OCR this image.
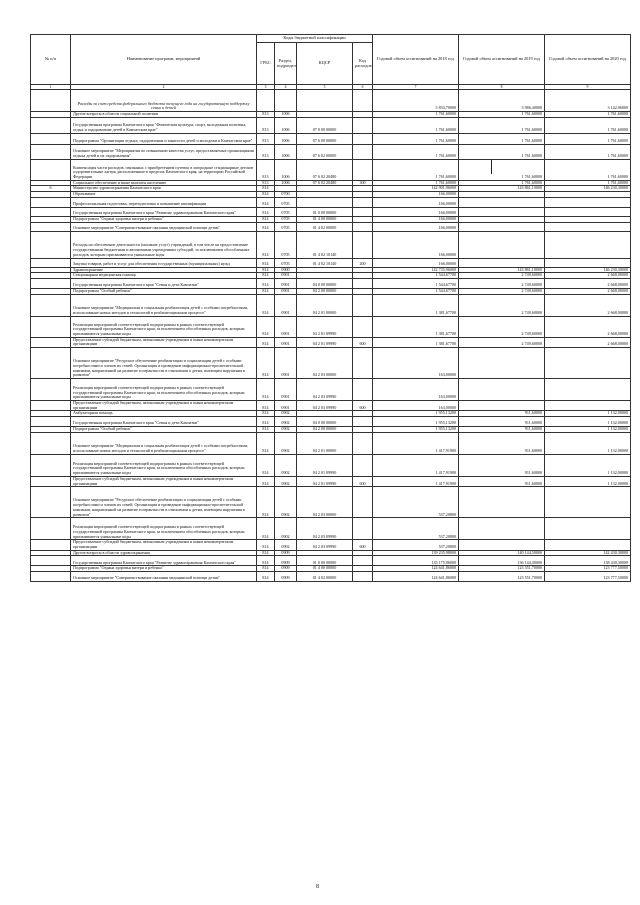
№ п/п	Наименование программ, мероприятий	Коды бюджетной классификации				Годовой объем ассигнований на 2018 год	Годовой объем ассигнований на 2019 год	Годовой объем ассигнований на 2020 год
		ГРБС	Раздел, подраздел	КЦСР	Код расходов			
1	2	3	4	5	6	7	8	9
	Расходы за счет средств федерального бюджета текущего года на государственную поддержку семьи и детей					5 833,70000	3 986,40000	3 142,96000
	Другие вопросы в области социальной политики	813	1006			1 761,60000	1 761,60000	1 761,60000
	Государственная программа Камчатского края "Физическая культура, спорт, молодежная политика, отдых и оздоровление детей в Камчатском крае"	813	1006	07 0 00 00000		1 761,60000	1 761,60000	1 761,60000
	Подпрограмма "Организация отдыха, оздоровления и занятости детей и молодежи в Камчатском крае"	813	1006	07 6 00 00000		1 761,60000	1 761,60000	1 761,60000
	Основное мероприятие "Мероприятия по повышению качества услуг, предоставляемых организациями отдыха детей и их оздоровления"	813	1006	07 6 02 00000		1 761,60000	1 761,60000	1 761,60000
	Компенсация части расходов, связанных с приобретением путевок в загородные стационарные детские оздоровительные лагеря, расположенные в пределах Камчатского края, на территории Российской Федерации	813	1006	07 6 02 20480		1 761,60000	1 761,60000	1 761,60000
	Социальное обеспечение и иные выплаты населению	813	1006	07 6 02 20480	300	1 761,60000	1 761,60000	1 761,60000
6	Министерство здравоохранения Камчатского края	814				142 901,96000	143 861,10000	146 230,30000
	Образование	814	0700			166,00000		
	Профессиональная подготовка, переподготовка и повышение квалификации	814	0705			166,00000		
	Государственная программа Камчатского края "Развитие здравоохранения Камчатского края"	814	0705	01 0 00 00000		166,00000		
	Подпрограмма "Охрана здоровья матери и ребенка"	814	0705	01 4 00 00000		166,00000		
	Основное мероприятие "Совершенствование оказания медицинской помощи детям"	814	0705	01 4 02 00000		166,00000		
	Расходы на обеспечение деятельности (оказание услуг) учреждений, в том числе на предоставление государственным бюджетным и автономным учреждениям субсидий, за исключением обособленных расходов, которым присваиваются уникальные коды	814	0705	01 4 02 10140		166,00000		
	Закупка товаров, работ и услуг для обеспечения государственных (муниципальных) нужд	814	0705	01 4 02 10140	200	166,00000		
	Здравоохранение	814	0900			142 735,96000	143 861,10000	146 230,30000
	Стационарная медицинская помощь	814	0901			1 544,67700	2 749,60000	2 668,00000
	Государственная программа Камчатского края "Семья и дети Камчатки"	814	0901	04 0 00 00000		1 544,67700	2 749,60000	2 668,00000
	Подпрограмма "Особый ребенок"	814	0901	04 2 00 00000		1 544,67700	2 749,60000	2 668,00000
	Основное мероприятие "Медицинская и социальная реабилитация детей с особыми потребностями, использование новых методов и технологий в реабилитационном процессе"	814	0901	04 2 01 00000		1 381,67700	2 749,60000	2 668,00000
	Реализация мероприятий соответствующей подпрограммы в рамках соответствующей государственной программы Камчатского края, за исключением обособленных расходов, которым присваиваются уникальные коды	814	0901	04 2 01 09990		1 381,67700	2 749,60000	2 668,00000
	Предоставление субсидий бюджетным, автономным учреждениям и иным некоммерческим организациям	814	0901	04 2 01 09990	600	1 381,67700	2 749,60000	2 668,00000
	Основное мероприятие "Ресурсное обеспечение реабилитации и социализации детей с особыми потребностями и членов их семей. Организация и проведение информационно-просветительской кампании, направленной на развитие толерантности в отношении к детям, имеющим нарушения в развитии"	814	0901	04 2 03 00000		163,00000		
	Реализация мероприятий соответствующей подпрограммы в рамках соответствующей государственной программы Камчатского края, за исключением обособленных расходов, которым присваиваются уникальные коды	814	0901	04 2 03 09990		163,00000		
	Предоставление субсидий бюджетным, автономным учреждениям и иным некоммерческим организациям	814	0901	04 2 03 09990	600	163,00000		
	Амбулаторная помощь	814	0902			1 955,13200	911,60000	1 132,00000
	Государственная программа Камчатского края "Семья и дети Камчатки"	814	0902	04 0 00 00000		1 955,13200	911,60000	1 132,00000
	Подпрограмма "Особый ребенок"	814	0902	04 2 00 00000		1 955,13200	911,60000	1 132,00000
	Основное мероприятие "Медицинская и социальная реабилитация детей с особыми потребностями, использование новых методов и технологий в реабилитационном процессе"	814	0902	04 2 01 00000		1 417,91900	911,60000	1 132,00000
	Реализация мероприятий соответствующей подпрограммы в рамках соответствующей государственной программы Камчатского края, за исключением обособленных расходов, которым присваиваются уникальные коды	814	0902	04 2 01 09990		1 417,91900	911,60000	1 132,00000
	Предоставление субсидий бюджетным, автономным учреждениям и иным некоммерческим организациям	814	0902	04 2 01 09990	600	1 417,91900	911,60000	1 132,00000
	Основное мероприятие "Ресурсное обеспечение реабилитации и социализации детей с особыми потребностями и членов их семей. Организация и проведение информационно-просветительской кампании, направленной на развитие толерантности в отношении к детям, имеющим нарушения в развитии"	814	0902	04 2 03 00000		537,20800		
	Реализация мероприятий соответствующей подпрограммы в рамках соответствующей государственной программы Камчатского края, за исключением обособленных расходов, которым присваиваются уникальные коды	814	0902	04 2 03 09990		537,20800		
	Предоставление субсидий бюджетным, автономным учреждениям и иным некоммерческим организациям	814	0902	04 2 03 09990	600	537,20800		
	Другие вопросы в области здравоохранения	814	0909			139 235,98000	140 144,50000	142 430,30000
	Государственная программа Камчатского края "Развитие здравоохранения Камчатского края"	814	0909	01 0 00 00000		135 175,96000	136 144,30000	138 430,30000
	Подпрограмма "Охрана здоровья матери и ребенка"	814	0909	01 4 00 00000		124 641,86000	123 551,70000	123 777,50000
	Основное мероприятие "Совершенствование оказания медицинской помощи детям"	814	0909	01 4 02 00000		124 641,86000	123 551,70000	123 777,50000
8
